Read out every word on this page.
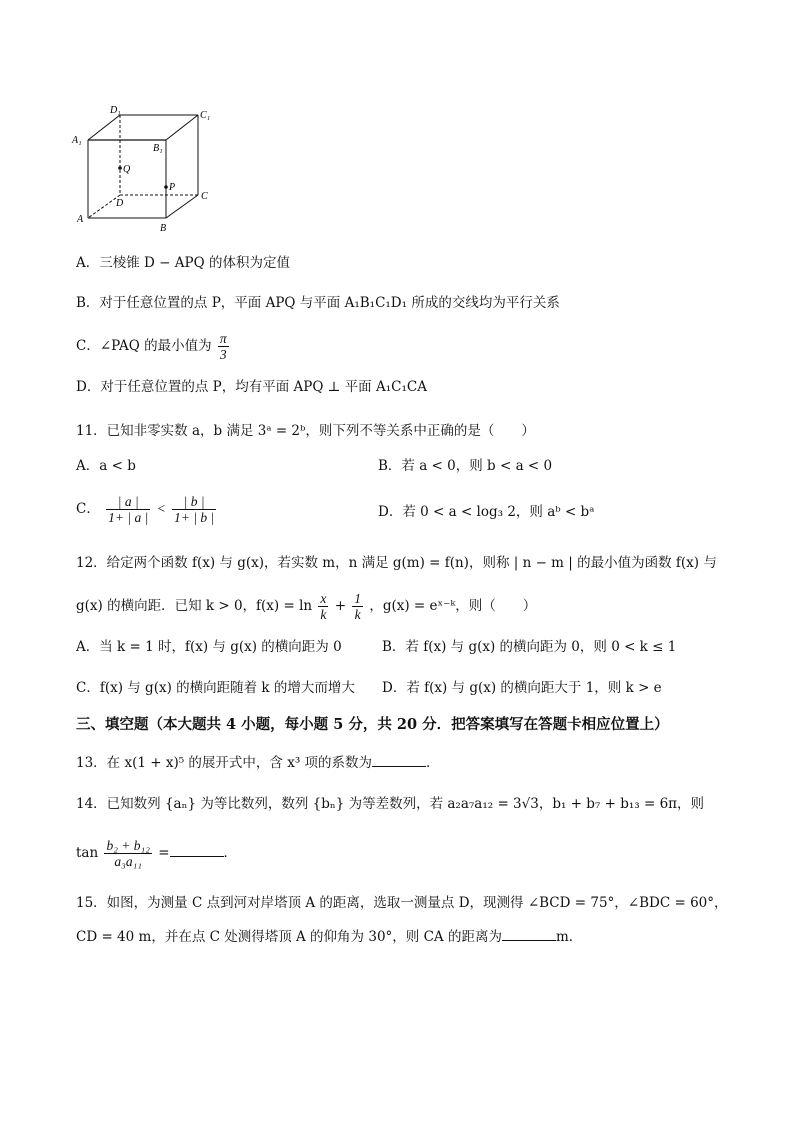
D₁	C₁
A₁
B₁
Q
P
D
C
A
B
A．三棱锥 D − APQ 的体积为定值
B．对于任意位置的点 P，平面 APQ 与平面 A₁B₁C₁D₁ 所成的交线均为平行关系
C．∠PAQ 的最小值为 $\frac{\pi}{3}$
D．对于任意位置的点 P，均有平面 APQ ⊥ 平面 A₁C₁CA
11．已知非零实数 a，b 满足 3ᵃ = 2ᵇ，则下列不等关系中正确的是（　　）
A．a < b	B．若 a < 0，则 b < a < 0
C． $\frac{| a |}{1+ | a |} < \frac{| b |}{1+ | b |}$	D．若 0 < a < log₃ 2，则 aᵇ < bᵃ
12．给定两个函数 f(x) 与 g(x)，若实数 m，n 满足 g(m) = f(n)，则称 | n − m | 的最小值为函数 f(x) 与
g(x) 的横向距．已知 k > 0，$f(x) = \ln \frac{x}{k} + \frac{1}{k}$ ，g(x) = eˣ⁻ᵏ，则（　　）
A．当 k = 1 时，f(x) 与 g(x) 的横向距为 0	B．若 f(x) 与 g(x) 的横向距为 0，则 0 < k ≤ 1
C．f(x) 与 g(x) 的横向距随着 k 的增大而增大 D．若 f(x) 与 g(x) 的横向距大于 1，则 k > e
三、填空题（本大题共 4 小题，每小题 5 分，共 20 分．把答案填写在答题卡相应位置上）
13．在 x(1 + x)⁵ 的展开式中，含 x³ 项的系数为	．
14．已知数列 {aₙ} 为等比数列，数列 {bₙ} 为等差数列，若 a₂a₇a₁₂ = 3√3，b₁ + b₇ + b₁₃ = 6π，则
$\tan \frac{\text{b₂ + b₁₂}}{\text{a₃a₁₁}}$ =	．
15．如图，为测量 C 点到河对岸塔顶 A 的距离，选取一测量点 D，现测得 ∠BCD = 75°，∠BDC = 60°，
CD = 40 m，并在点 C 处测得塔顶 A 的仰角为 30°，则 CA 的距离为	m．
